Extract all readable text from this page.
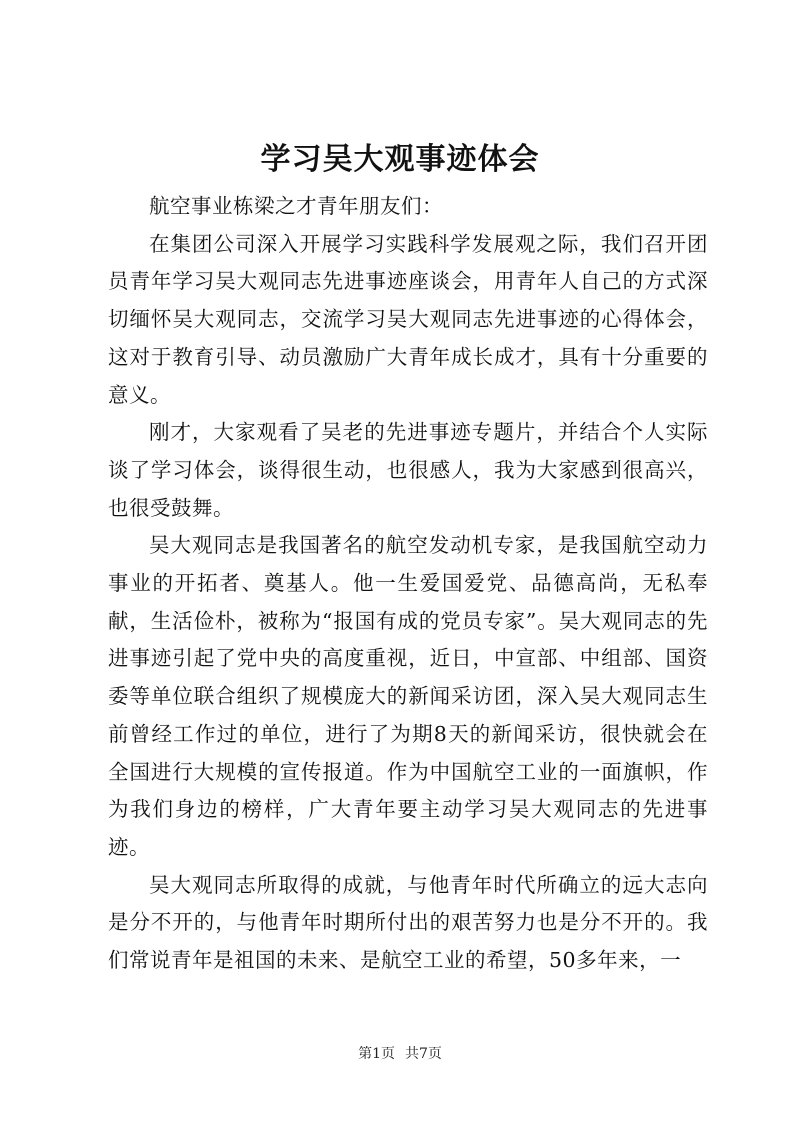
学习吴大观事迹体会

航空事业栋梁之才青年朋友们：

在集团公司深入开展学习实践科学发展观之际，我们召开团员青年学习吴大观同志先进事迹座谈会，用青年人自己的方式深切缅怀吴大观同志，交流学习吴大观同志先进事迹的心得体会，这对于教育引导、动员激励广大青年成长成才，具有十分重要的意义。

刚才，大家观看了吴老的先进事迹专题片，并结合个人实际谈了学习体会，谈得很生动，也很感人，我为大家感到很高兴，也很受鼓舞。

吴大观同志是我国著名的航空发动机专家，是我国航空动力事业的开拓者、奠基人。他一生爱国爱党、品德高尚，无私奉献，生活俭朴，被称为“报国有成的党员专家”。吴大观同志的先进事迹引起了党中央的高度重视，近日，中宣部、中组部、国资委等单位联合组织了规模庞大的新闻采访团，深入吴大观同志生前曾经工作过的单位，进行了为期8天的新闻采访，很快就会在全国进行大规模的宣传报道。作为中国航空工业的一面旗帜，作为我们身边的榜样，广大青年要主动学习吴大观同志的先进事迹。

吴大观同志所取得的成就，与他青年时代所确立的远大志向是分不开的，与他青年时期所付出的艰苦努力也是分不开的。我们常说青年是祖国的未来、是航空工业的希望，50多年来，一

第1页 共7页
